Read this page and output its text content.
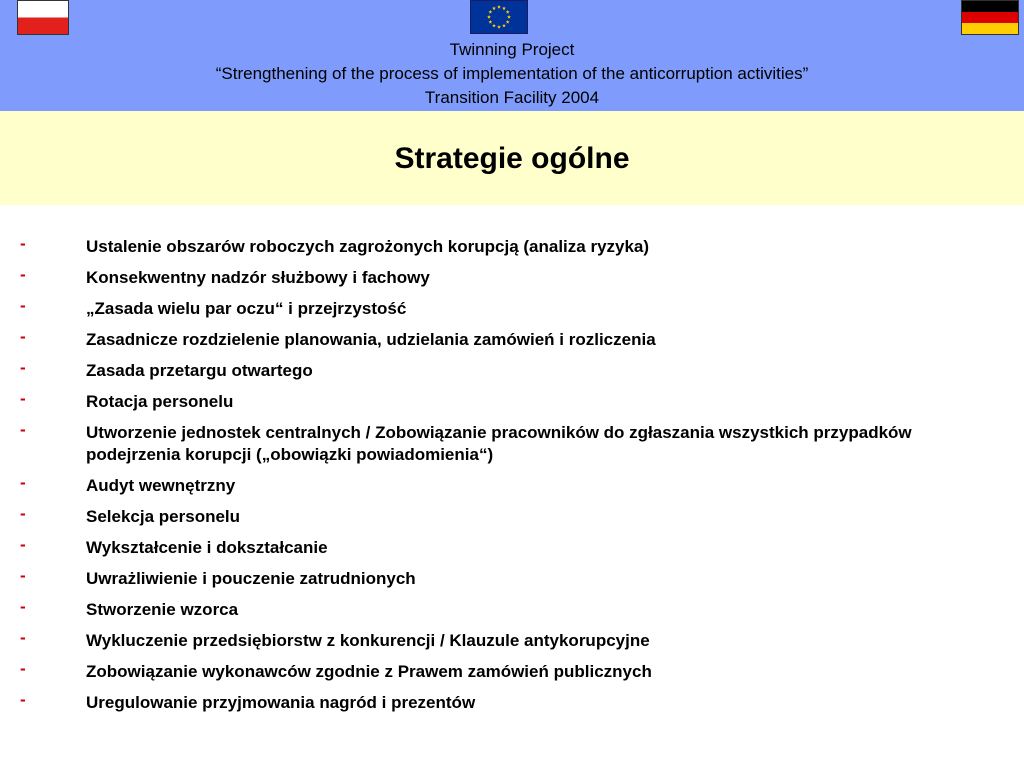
Twinning Project
“Strengthening of the process of implementation of the anticorruption activities”
Transition Facility 2004
Strategie ogólne
-	Ustalenie obszarów roboczych zagrożonych korupcją (analiza ryzyka)
-	Konsekwentny nadzór służbowy i fachowy
-	„Zasada wielu par oczu“ i przejrzystość
-	Zasadnicze rozdzielenie planowania, udzielania zamówień i rozliczenia
-	Zasada przetargu otwartego
-	Rotacja personelu
-	Utworzenie jednostek centralnych / Zobowiązanie pracowników do zgłaszania wszystkich przypadków podejrzenia korupcji („obowiązki powiadomienia“)
-	Audyt wewnętrzny
-	Selekcja personelu
-	Wykształcenie i dokształcanie
-	Uwrażliwienie i pouczenie zatrudnionych
-	Stworzenie wzorca
-	Wykluczenie przedsiębiorstw z konkurencji / Klauzule antykorupcyjne
-	Zobowiązanie wykonawców zgodnie z Prawem zamówień publicznych
-	Uregulowanie przyjmowania nagród i prezentów
